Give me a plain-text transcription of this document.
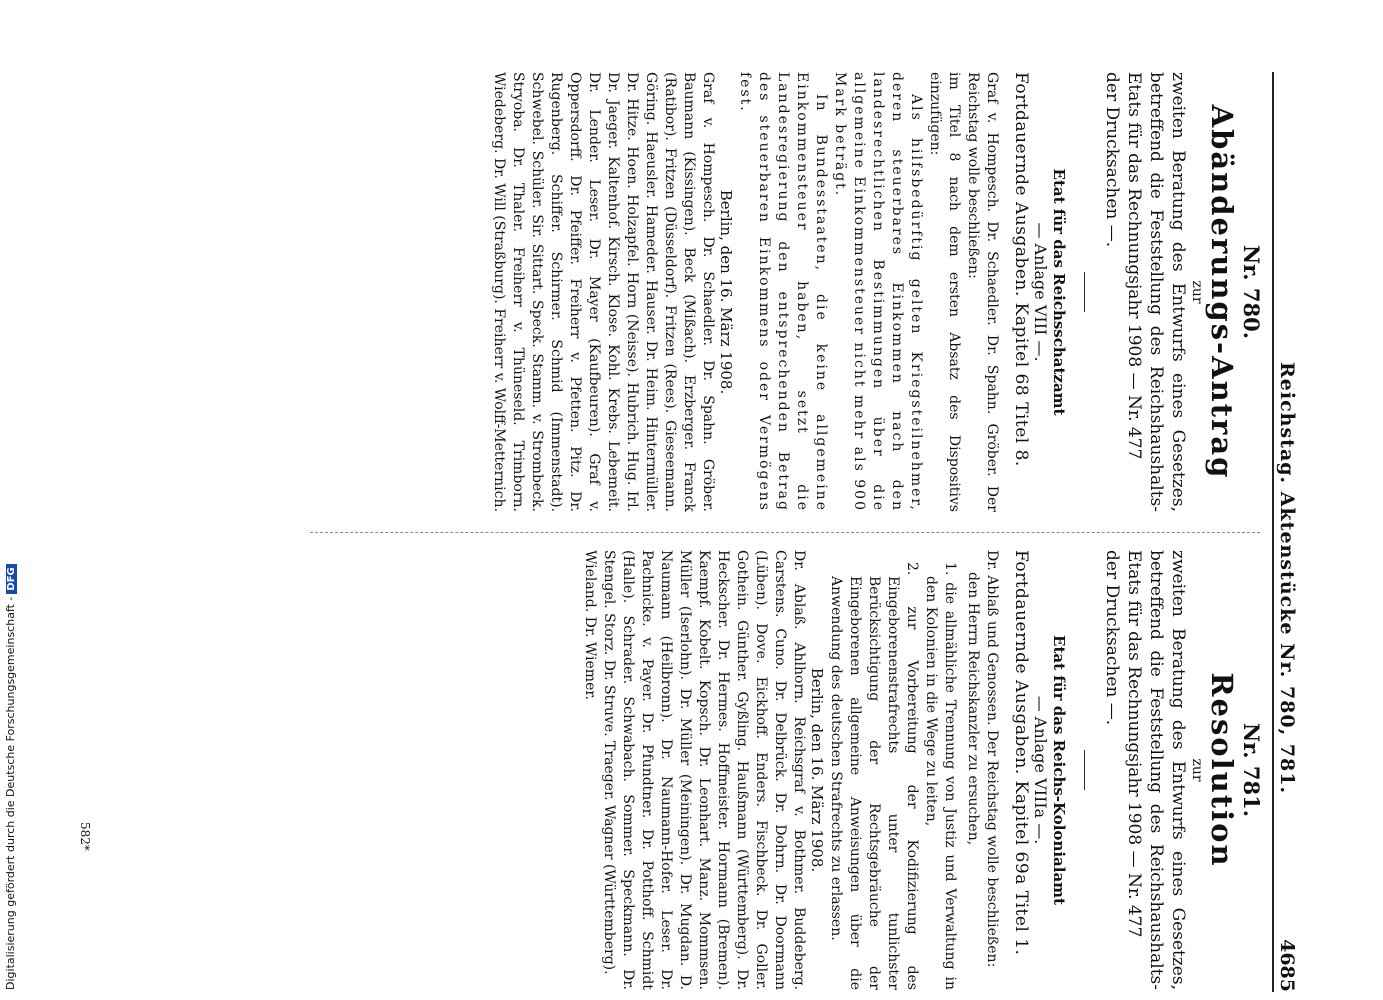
Reichstag. Aktenstücke Nr. 780, 781.
4685

Nr. 780.

Abänderungs-Antrag

zur

zweiten Beratung des Entwurfs eines Gesetzes, betreffend die Feststellung des Reichshaushalts-Etats für das Rechnungsjahr 1908 — Nr. 477

der Drucksachen —.

Etat für das Reichsschatzamt

— Anlage VIII —.

Fortdauernde Ausgaben. Kapitel 68 Titel 8.

Graf v. Hompesch. Dr. Schaedler. Dr. Spahn. Gröber. Der Reichstag wolle beschließen:

im Titel 8 nach dem ersten Absatz des Dispositivs einzufügen:

Als hilfsbedürftig gelten Kriegsteilnehmer, deren steuerbares Einkommen nach den landesrechtlichen Bestimmungen über die allgemeine Einkommensteuer nicht mehr als 900 Mark beträgt.

In Bundesstaaten, die keine allgemeine Einkommensteuer haben, setzt die Landesregierung den entsprechenden Betrag des steuerbaren Einkommens oder Vermögens fest.

Berlin, den 16. März 1908.

Graf v. Hompesch. Dr. Schaedler. Dr. Spahn. Gröber. Baumann (Kissingen). Beck (Mißach). Erzberger. Franck (Ratibor). Fritzen (Düsseldorf). Fritzen (Rees). Gieseemann. Göring. Haeusler. Hameder. Hauser. Dr. Heim. Hintermüller. Dr. Hitze. Hoen. Holzapfel. Horn (Neisse). Hubrich. Hug. Irl. Dr. Jaeger. Kaltenhof. Kirsch. Klose. Kohl. Krebs. Lebemeit. Dr. Lender. Leser. Dr. Mayer (Kaufbeuren). Graf v. Oppersdorff. Dr. Pfeiffer. Freiherr v. Pfetten. Pitz. Dr. Rugenberg. Schiffer. Schirmer. Schmid (Immenstadt). Schwebel. Schüler. Sir. Sittart. Speck. Stamm. v. Strombeck. Stryoba. Dr. Thaler. Freiherr v. Thüneseld. Trimborn. Wiedeberg. Dr. Will (Straßburg). Freiherr v. Wolff-Metternich.

Nr. 781.

Resolution

zur

zweiten Beratung des Entwurfs eines Gesetzes, betreffend die Feststellung des Reichshaushalts-Etats für das Rechnungsjahr 1908 — Nr. 477

der Drucksachen —.

Etat für das Reichs-Kolonialamt

— Anlage VIIIa —.

Fortdauernde Ausgaben. Kapitel 69a Titel 1.

Dr. Ablaß und Genossen. Der Reichstag wolle beschließen:

den Herrn Reichskanzler zu ersuchen,

1. die allmähliche Trennung von Justiz und Verwaltung in den Kolonien in die Wege zu leiten,
2. zur Vorbereitung der Kodifizierung des Eingeborenenstrafrechts unter tunlichster Berücksichtigung der Rechtsgebräuche der Eingeborenen allgemeine Anweisungen über die Anwendung des deutschen Strafrechts zu erlassen.

Berlin, den 16. März 1908.

Dr. Ablaß. Ahlhorn. Reichsgraf v. Bothmer. Buddeberg. Carstens. Cuno. Dr. Delbrück. Dr. Dohrn. Dr. Doormann (Lüben). Dove. Eickhoff. Enders. Fischbeck. Dr. Goller. Gothein. Günther. Gyßling. Haußmann (Württemberg). Dr. Heckscher. Dr. Hermes. Hoffmeister. Hormann (Bremen). Kaempf. Kobelt. Kopsch. Dr. Leonhart. Manz. Mommsen. Müller (Iserlohn). Dr. Müller (Meiningen). Dr. Mugdan. D. Naumann (Heilbronn). Dr. Naumann-Hofer. Leser. Dr. Pachnicke. v. Payer. Dr. Pfundtner. Dr. Potthoff. Schmidt (Halle). Schrader. Schwabach. Sommer. Speckmann. Dr. Stengel. Storz. Dr. Struve. Traeger. Wagner (Württemberg).

Wieland. Dr. Wiemer.

Digitalisierung gefördert durch die Deutsche Forschungsgemeinschaft -DFG
582*
